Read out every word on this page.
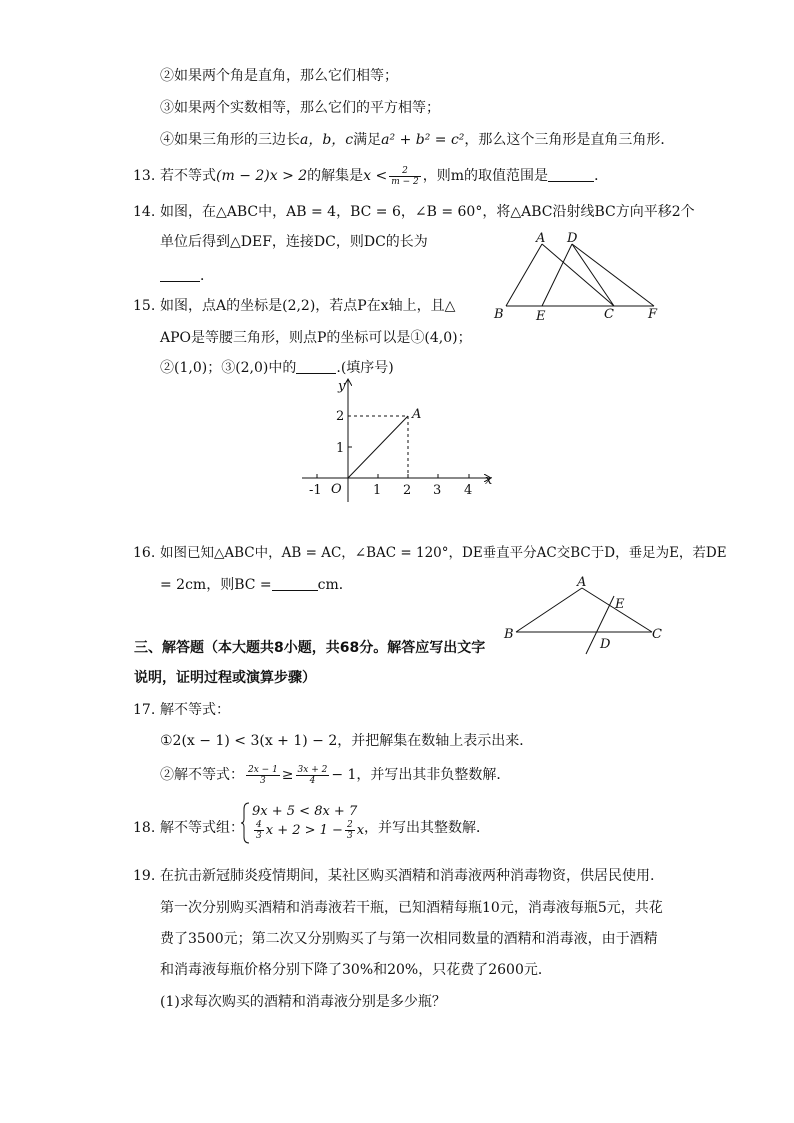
②如果两个角是直角，那么它们相等；
③如果两个实数相等，那么它们的平方相等；
④如果三角形的三边长a，b，c满足a² + b² = c²，那么这个三角形是直角三角形．
13. 若不等式(m − 2)x > 2的解集是$x < \frac{2}{m - 2}$ ，则m的取值范围是	．
14. 如图，在△ABC中，AB = 4，BC = 6，∠B = 60°，将△ABC沿射线BC方向平移2个
单位后得到△DEF，连接DC，则DC的长为
．
A D
B E	C	F
15. 如图，点A的坐标是(2,2)，若点P在x轴上，且△
APO是等腰三角形，则点P的坐标可以是①(4,0)；
②(1,0)；③(2,0)中的	.(填序号)
y
x
O
A
-1	1 2 3 4
1
2
16. 如图已知△ABC中，AB = AC，∠BAC = 120°，DE垂直平分AC交BC于D，垂足为E，若DE
= 2cm，则BC =	cm．	A
B	C
D
E
三、解答题（本大题共8小题，共68分。解答应写出文字
说明，证明过程或演算步骤）
17. 解不等式：
①2(x − 1) < 3(x + 1) − 2，并把解集在数轴上表示出来．
②解不等式： $\frac{2x - 1}{3} \ge \frac{3x + 2}{4} - 1$，并写出其非负整数解．
18. 解不等式组：
9x + 5 < 8x + 7
$\frac{4}{3}$ $x + 2 > 1 - \frac{2}{3}$ x ，并写出其整数解．
19. 在抗击新冠肺炎疫情期间，某社区购买酒精和消毒液两种消毒物资，供居民使用.
第一次分别购买酒精和消毒液若干瓶，已知酒精每瓶10元，消毒液每瓶5元，共花
费了3500元；第二次又分别购买了与第一次相同数量的酒精和消毒液，由于酒精
和消毒液每瓶价格分别下降了30%和20%，只花费了2600元．
(1)求每次购买的酒精和消毒液分别是多少瓶？
